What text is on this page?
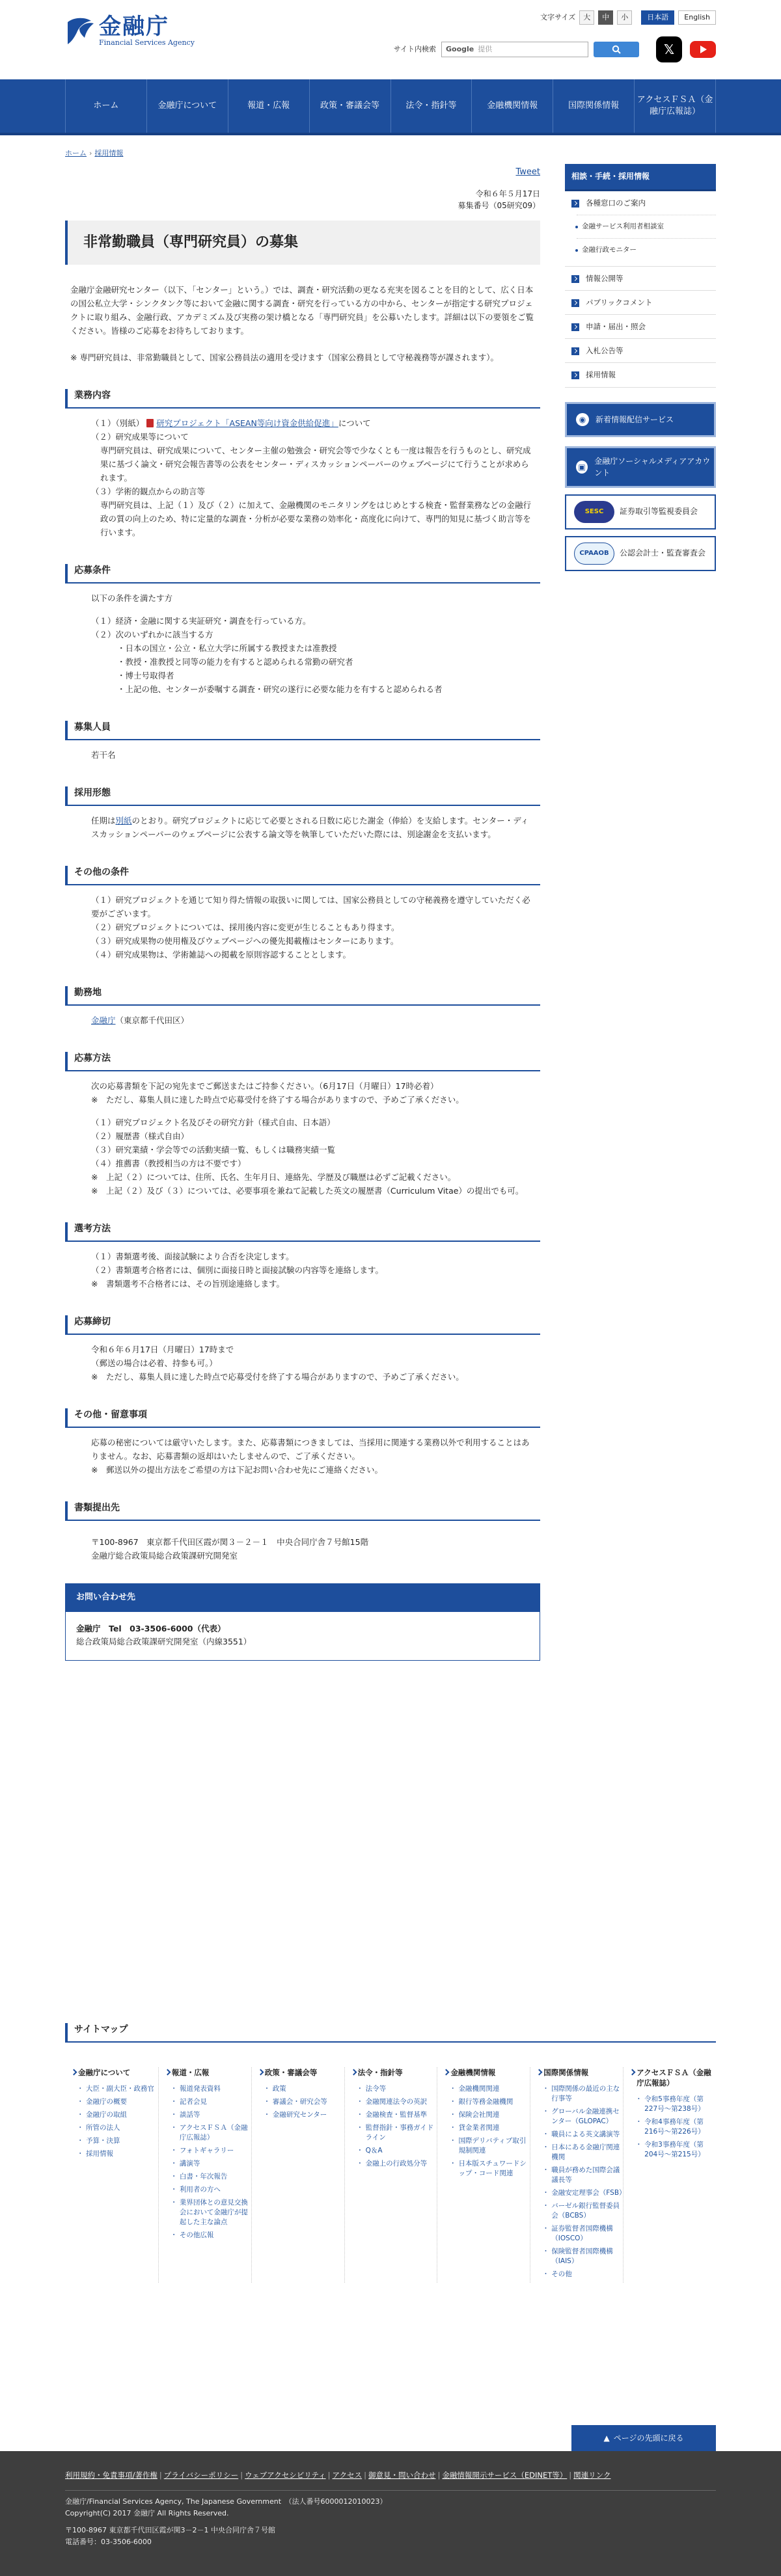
金融庁
Financial Services Agency
文字サイズ	大	中	小	日本語	English
サイト内検索 Google 提供	𝕏
ホーム	金融庁について	報道・広報	政策・審議会等	法令・指針等	金融機関情報	国際関係情報
アクセスＦＳＡ（金融庁広報誌）
ホーム › 採用情報
Tweet
令和６年５月17日
募集番号（05研究09）
非常勤職員（専門研究員）の募集

金融庁金融研究センター（以下、「センター」という。）では、調査・研究活動の更なる充実を図ることを目的として、広く日本の国公私立大学・シンクタンク等において金融に関する調査・研究を行っている方の中から、センターが指定する研究プロジェクトに取り組み、金融行政、アカデミズム及び実務の架け橋となる「専門研究員」を公募いたします。詳細は以下の要領をご覧ください。皆様のご応募をお待ちしております。

※ 専門研究員は、非常勤職員として、国家公務員法の適用を受けます（国家公務員として守秘義務等が課されます）。

業務内容

（１）（別紙） 研究プロジェクト「ASEAN等向け資金供給促進」について

（２）研究成果等について

専門研究員は、研究成果について、センター主催の勉強会・研究会等で少なくとも一度は報告を行うものとし、研究成果に基づく論文・研究会報告書等の公表をセンター・ディスカッションペーパーのウェブページにて行うことが求められます。

（３）学術的観点からの助言等

専門研究員は、上記（１）及び（２）に加えて、金融機関のモニタリングをはじめとする検査・監督業務などの金融行政の質の向上のため、特に定量的な調査・分析が必要な業務の効率化・高度化に向けて、専門的知見に基づく助言等を行います。

応募条件

以下の条件を満たす方

（１）経済・金融に関する実証研究・調査を行っている方。

（２）次のいずれかに該当する方

・ 日本の国立・公立・私立大学に所属する教授または准教授
・ 教授・准教授と同等の能力を有すると認められる常勤の研究者
・ 博士号取得者
・ 上記の他、センターが委嘱する調査・研究の遂行に必要な能力を有すると認められる者
募集人員

若干名

採用形態

任期は別紙のとおり。研究プロジェクトに応じて必要とされる日数に応じた謝金（俸給）を支給します。センター・ディスカッションペーパーのウェブページに公表する論文等を執筆していただいた際には、別途謝金を支払います。

その他の条件

（１）研究プロジェクトを通じて知り得た情報の取扱いに関しては、国家公務員としての守秘義務を遵守していただく必要がございます。

（２）研究プロジェクトについては、採用後内容に変更が生じることもあり得ます。

（３）研究成果物の使用権及びウェブページへの優先掲載権はセンターにあります。

（４）研究成果物は、学術雑誌への掲載を原則容認することとします。

勤務地

金融庁（東京都千代田区）

応募方法

次の応募書類を下記の宛先までご郵送またはご持参ください。（6月17日（月曜日）17時必着）

※　ただし、募集人員に達した時点で応募受付を終了する場合がありますので、予めご了承ください。

（１）研究プロジェクト名及びその研究方針（様式自由、日本語）

（２）履歴書（様式自由）

（３）研究業績・学会等での活動実績一覧、もしくは職務実績一覧

（４）推薦書（教授相当の方は不要です）

※　上記（２）については、住所、氏名、生年月日、連絡先、学歴及び職歴は必ずご記載ください。

※　上記（２）及び（３）については、必要事項を兼ねて記載した英文の履歴書（Curriculum Vitae）の提出でも可。

選考方法

（１）書類選考後、面接試験により合否を決定します。

（２）書類選考合格者には、個別に面接日時と面接試験の内容等を連絡します。

※　書類選考不合格者には、その旨別途連絡します。

応募締切

令和６年６月17日（月曜日）17時まで

（郵送の場合は必着、持参も可。）

※　ただし、募集人員に達した時点で応募受付を終了する場合がありますので、予めご了承ください。

その他・留意事項

応募の秘密については厳守いたします。また、応募書類につきましては、当採用に関連する業務以外で利用することはありません。なお、応募書類の返却はいたしませんので、ご了承ください。

※　郵送以外の提出方法をご希望の方は下記お問い合わせ先にご連絡ください。

書類提出先

〒100-8967　東京都千代田区霞が関３－２－１　中央合同庁舎７号館15階

金融庁総合政策局総合政策課研究開発室

お問い合わせ先

金融庁　Tel　03-3506-6000（代表）

総合政策局総合政策課研究開発室（内線3551）

相談・手続・採用情報
各種窓口のご案内
金融サービス利用者相談室
金融行政モニター
情報公開等
パブリックコメント
申請・届出・照会
入札公告等
採用情報
◉	新着情報配信サービス
▣
金融庁ソーシャルメディアアカウント
SESC	証券取引等監視委員会
CPAAOB	公認会計士・監査審査会
サイトマップ
金融庁について
・ 大臣・副大臣・政務官
・ 金融庁の概要
・ 金融庁の取組
・ 所管の法人
・ 予算・決算
・ 採用情報
報道・広報
・ 報道発表資料
・ 記者会見
・ 談話等
・ アクセスＦＳＡ（金融庁広報誌）
・ フォトギャラリー
・ 講演等
・ 白書・年次報告
・ 利用者の方へ
・ 業界団体との意見交換会において金融庁が提起した主な論点
・ その他広報
政策・審議会等
・ 政策
・ 審議会・研究会等
・ 金融研究センター
法令・指針等
・ 法令等
・ 金融関連法令の英訳
・ 金融検査・監督基準
・ 監督指針・事務ガイドライン
・ Q＆A
・ 金融上の行政処分等
金融機関情報
・ 金融機関関連
・ 銀行等務金融機関
・ 保険会社関連
・ 貸金業者関連
・ 国際デリバティブ取引規制関連
・ 日本版スチュワードシップ・コード関連
国際関係情報
・ 国際関係の最近の主な行事等
・ グローバル金融連携センター（GLOPAC）
・ 職員による英文講演等
・ 日本にある金融庁関連機関
・ 職員が務めた国際会議議長等
・ 金融安定理事会（FSB）
・ バーゼル銀行監督委員会（BCBS）
・ 証券監督者国際機構（IOSCO）
・ 保険監督者国際機構（IAIS）
・ その他
アクセスＦＳＡ（金融庁広報誌）
・ 令和5事務年度（第227号〜第238号）
・ 令和4事務年度（第216号〜第226号）
・ 令和3事務年度（第204号〜第215号）
▲ ページの先頭に戻る
利用規約・免責事項/著作権 | プライバシーポリシー | ウェブアクセシビリティ | アクセス | 御意見・問い合わせ | 金融情報開示サービス（EDINET等） | 関連リンク

金融庁/Financial Services Agency, The Japanese Government　（法人番号6000012010023）

Copyright(C) 2017 金融庁 All Rights Reserved.

〒100-8967 東京都千代田区霞が関3－2－1 中央合同庁舎７号館

電話番号：03-3506-6000
